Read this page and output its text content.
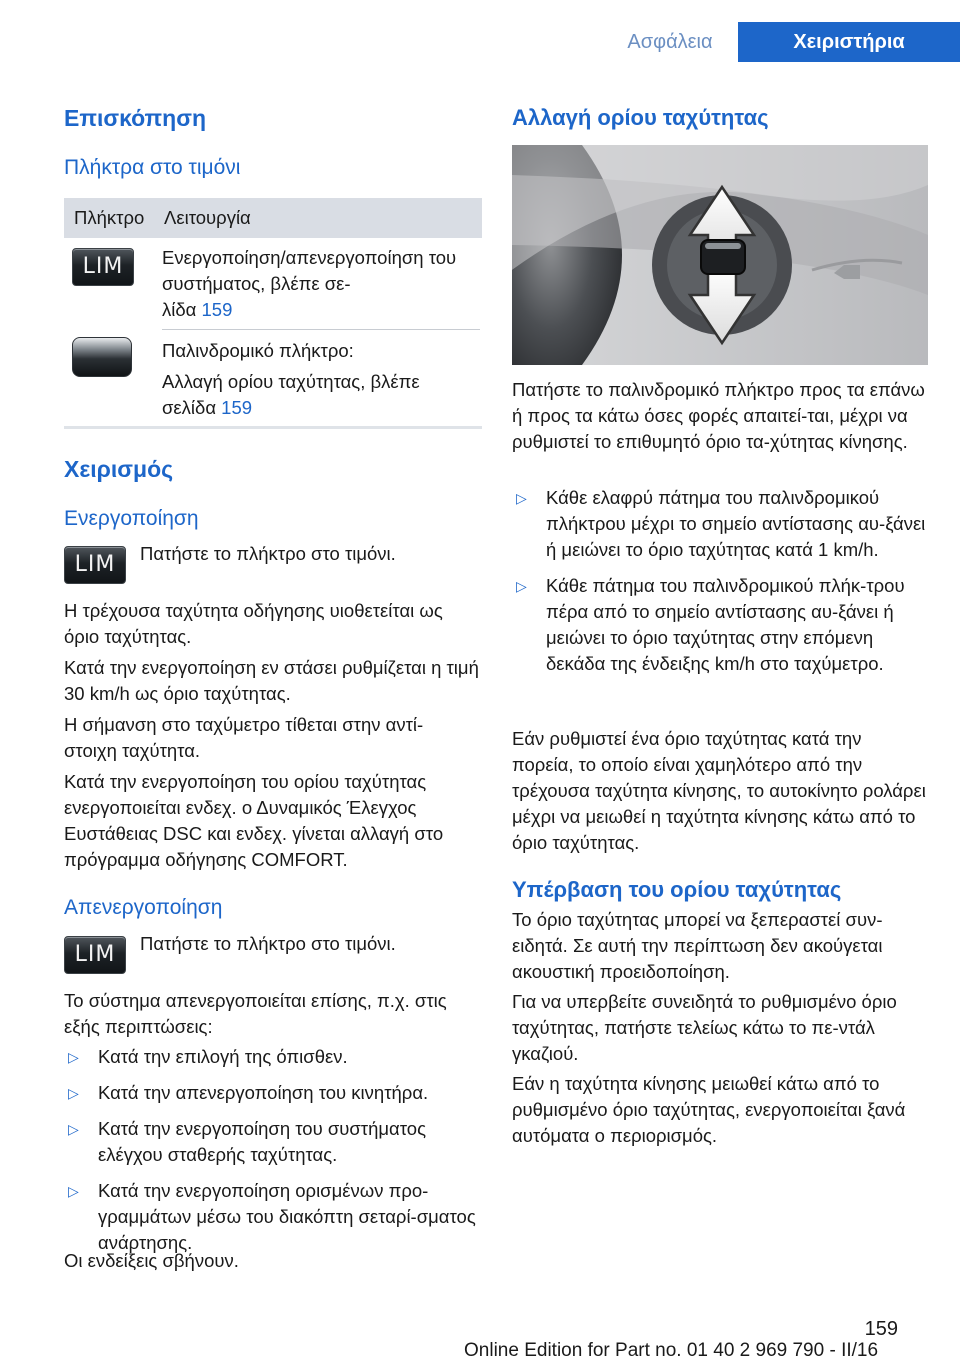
Ασφάλεια	Χειριστήρια
Επισκόπηση
Πλήκτρα στο τιμόνι
Πλήκτρο	Λειτουργία
LIM	Ενεργοποίηση/απενεργοποίηση του συστήματος, βλέπε σε-
λίδα 159
Παλινδρομικό πλήκτρο:
Αλλαγή ορίου ταχύτητας, βλέπε
σελίδα 159
Χειρισμός
Ενεργοποίηση
LIM	Πατήστε το πλήκτρο στο τιμόνι.
Η τρέχουσα ταχύτητα οδήγησης υιοθετείται ως όριο ταχύτητας.
Κατά την ενεργοποίηση εν στάσει ρυθμίζεται η τιμή 30 km/h ως όριο ταχύτητας.
Η σήμανση στο ταχύμετρο τίθεται στην αντί-στοιχη ταχύτητα.
Κατά την ενεργοποίηση του ορίου ταχύτητας ενεργοποιείται ενδεχ. ο Δυναμικός Έλεγχος Ευστάθειας DSC και ενδεχ. γίνεται αλλαγή στο πρόγραμμα οδήγησης COMFORT.
Απενεργοποίηση
LIM	Πατήστε το πλήκτρο στο τιμόνι.
Το σύστημα απενεργοποιείται επίσης, π.χ. στις εξής περιπτώσεις:
▷ Κατά την επιλογή της όπισθεν.
▷ Κατά την απενεργοποίηση του κινητήρα.
▷ Κατά την ενεργοποίηση του συστήματος ελέγχου σταθερής ταχύτητας.
▷ Κατά την ενεργοποίηση ορισμένων προ-γραμμάτων μέσω του διακόπτη σεταρί-σματος ανάρτησης.
Οι ενδείξεις σβήνουν.
Αλλαγή ορίου ταχύτητας
Πατήστε το παλινδρομικό πλήκτρο προς τα επάνω ή προς τα κάτω όσες φορές απαιτεί-ται, μέχρι να ρυθμιστεί το επιθυμητό όριο τα-χύτητας κίνησης.
▷ Κάθε ελαφρύ πάτημα του παλινδρομικού πλήκτρου μέχρι το σημείο αντίστασης αυ-ξάνει ή μειώνει το όριο ταχύτητας κατά 1 km/h.
▷ Κάθε πάτημα του παλινδρομικού πλήκ-τρου πέρα από το σημείο αντίστασης αυ-ξάνει ή μειώνει το όριο ταχύτητας στην επόμενη δεκάδα της ένδειξης km/h στο ταχύμετρο.
Εάν ρυθμιστεί ένα όριο ταχύτητας κατά την πορεία, το οποίο είναι χαμηλότερο από την τρέχουσα ταχύτητα κίνησης, το αυτοκίνητο ρολάρει μέχρι να μειωθεί η ταχύτητα κίνησης κάτω από το όριο ταχύτητας.
Υπέρβαση του ορίου ταχύτητας
Το όριο ταχύτητας μπορεί να ξεπεραστεί συν-ειδητά. Σε αυτή την περίπτωση δεν ακούγεται ακουστική προειδοποίηση.
Για να υπερβείτε συνειδητά το ρυθμισμένο όριο ταχύτητας, πατήστε τελείως κάτω το πε-ντάλ γκαζιού.
Εάν η ταχύτητα κίνησης μειωθεί κάτω από το ρυθμισμένο όριο ταχύτητας, ενεργοποιείται ξανά αυτόματα ο περιορισμός.
159
Online Edition for Part no. 01 40 2 969 790 - II/16
